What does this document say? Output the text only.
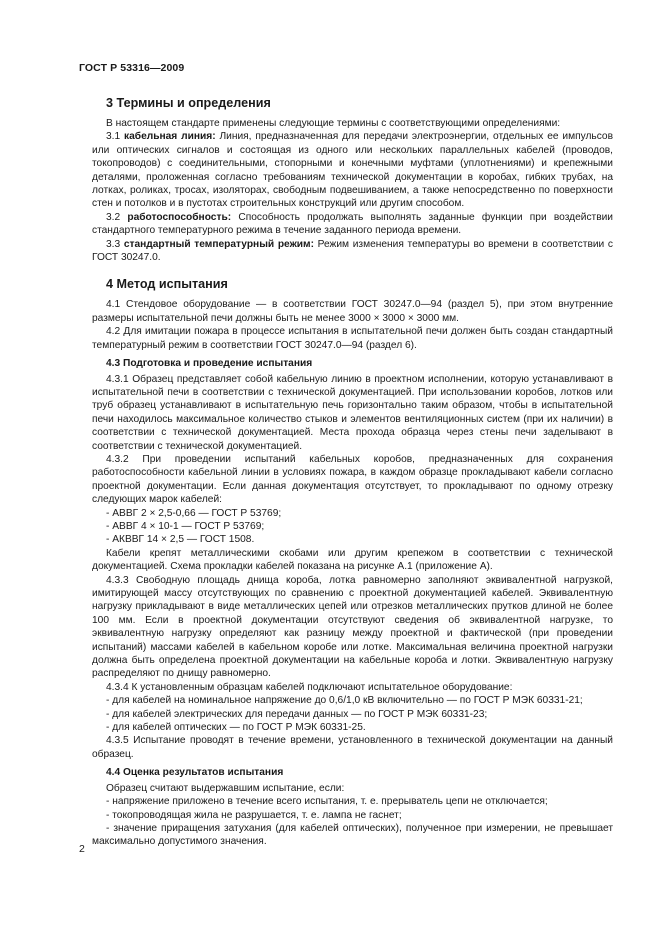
ГОСТ Р 53316—2009
3 Термины и определения

В настоящем стандарте применены следующие термины с соответствующими определениями:

3.1 кабельная линия: Линия, предназначенная для передачи электроэнергии, отдельных ее импульсов или оптических сигналов и состоящая из одного или нескольких параллельных кабелей (проводов, токопроводов) с соединительными, стопорными и конечными муфтами (уплотнениями) и крепежными деталями, проложенная согласно требованиям технической документации в коробах, гибких трубах, на лотках, роликах, тросах, изоляторах, свободным подвешиванием, а также непосредственно по поверхности стен и потолков и в пустотах строительных конструкций или другим способом.

3.2 работоспособность: Способность продолжать выполнять заданные функции при воздействии стандартного температурного режима в течение заданного периода времени.

3.3 стандартный температурный режим: Режим изменения температуры во времени в соответствии с ГОСТ 30247.0.

4 Метод испытания

4.1 Стендовое оборудование — в соответствии ГОСТ 30247.0—94 (раздел 5), при этом внутренние размеры испытательной печи должны быть не менее 3000 × 3000 × 3000 мм.

4.2 Для имитации пожара в процессе испытания в испытательной печи должен быть создан стандартный температурный режим в соответствии ГОСТ 30247.0—94 (раздел 6).

4.3 Подготовка и проведение испытания

4.3.1 Образец представляет собой кабельную линию в проектном исполнении, которую устанавливают в испытательной печи в соответствии с технической документацией. При использовании коробов, лотков или труб образец устанавливают в испытательную печь горизонтально таким образом, чтобы в испытательной печи находилось максимальное количество стыков и элементов вентиляционных систем (при их наличии) в соответствии с технической документацией. Места прохода образца через стены печи заделывают в соответствии с технической документацией.

4.3.2 При проведении испытаний кабельных коробов, предназначенных для сохранения работоспособности кабельной линии в условиях пожара, в каждом образце прокладывают кабели согласно проектной документации. Если данная документация отсутствует, то прокладывают по одному отрезку следующих марок кабелей:

- АВВГ 2 × 2,5-0,66 — ГОСТ Р 53769;

- АВВГ 4 × 10-1 — ГОСТ Р 53769;

- АКВВГ 14 × 2,5 — ГОСТ 1508.

Кабели крепят металлическими скобами или другим крепежом в соответствии с технической документацией. Схема прокладки кабелей показана на рисунке А.1 (приложение А).

4.3.3 Свободную площадь днища короба, лотка равномерно заполняют эквивалентной нагрузкой, имитирующей массу отсутствующих по сравнению с проектной документацией кабелей. Эквивалентную нагрузку прикладывают в виде металлических цепей или отрезков металлических прутков длиной не более 100 мм. Если в проектной документации отсутствуют сведения об эквивалентной нагрузке, то эквивалентную нагрузку определяют как разницу между проектной и фактической (при проведении испытаний) массами кабелей в кабельном коробе или лотке. Максимальная величина проектной нагрузки должна быть определена проектной документации на кабельные короба и лотки. Эквивалентную нагрузку распределяют по днищу равномерно.

4.3.4 К установленным образцам кабелей подключают испытательное оборудование:

- для кабелей на номинальное напряжение до 0,6/1,0 кВ включительно — по ГОСТ Р МЭК 60331-21;

- для кабелей электрических для передачи данных — по ГОСТ Р МЭК 60331-23;

- для кабелей оптических — по ГОСТ Р МЭК 60331-25.

4.3.5 Испытание проводят в течение времени, установленного в технической документации на данный образец.

4.4 Оценка результатов испытания

Образец считают выдержавшим испытание, если:

- напряжение приложено в течение всего испытания, т. е. прерыватель цепи не отключается;

- токопроводящая жила не разрушается, т. е. лампа не гаснет;

- значение приращения затухания (для кабелей оптических), полученное при измерении, не превышает максимально допустимого значения.

2
